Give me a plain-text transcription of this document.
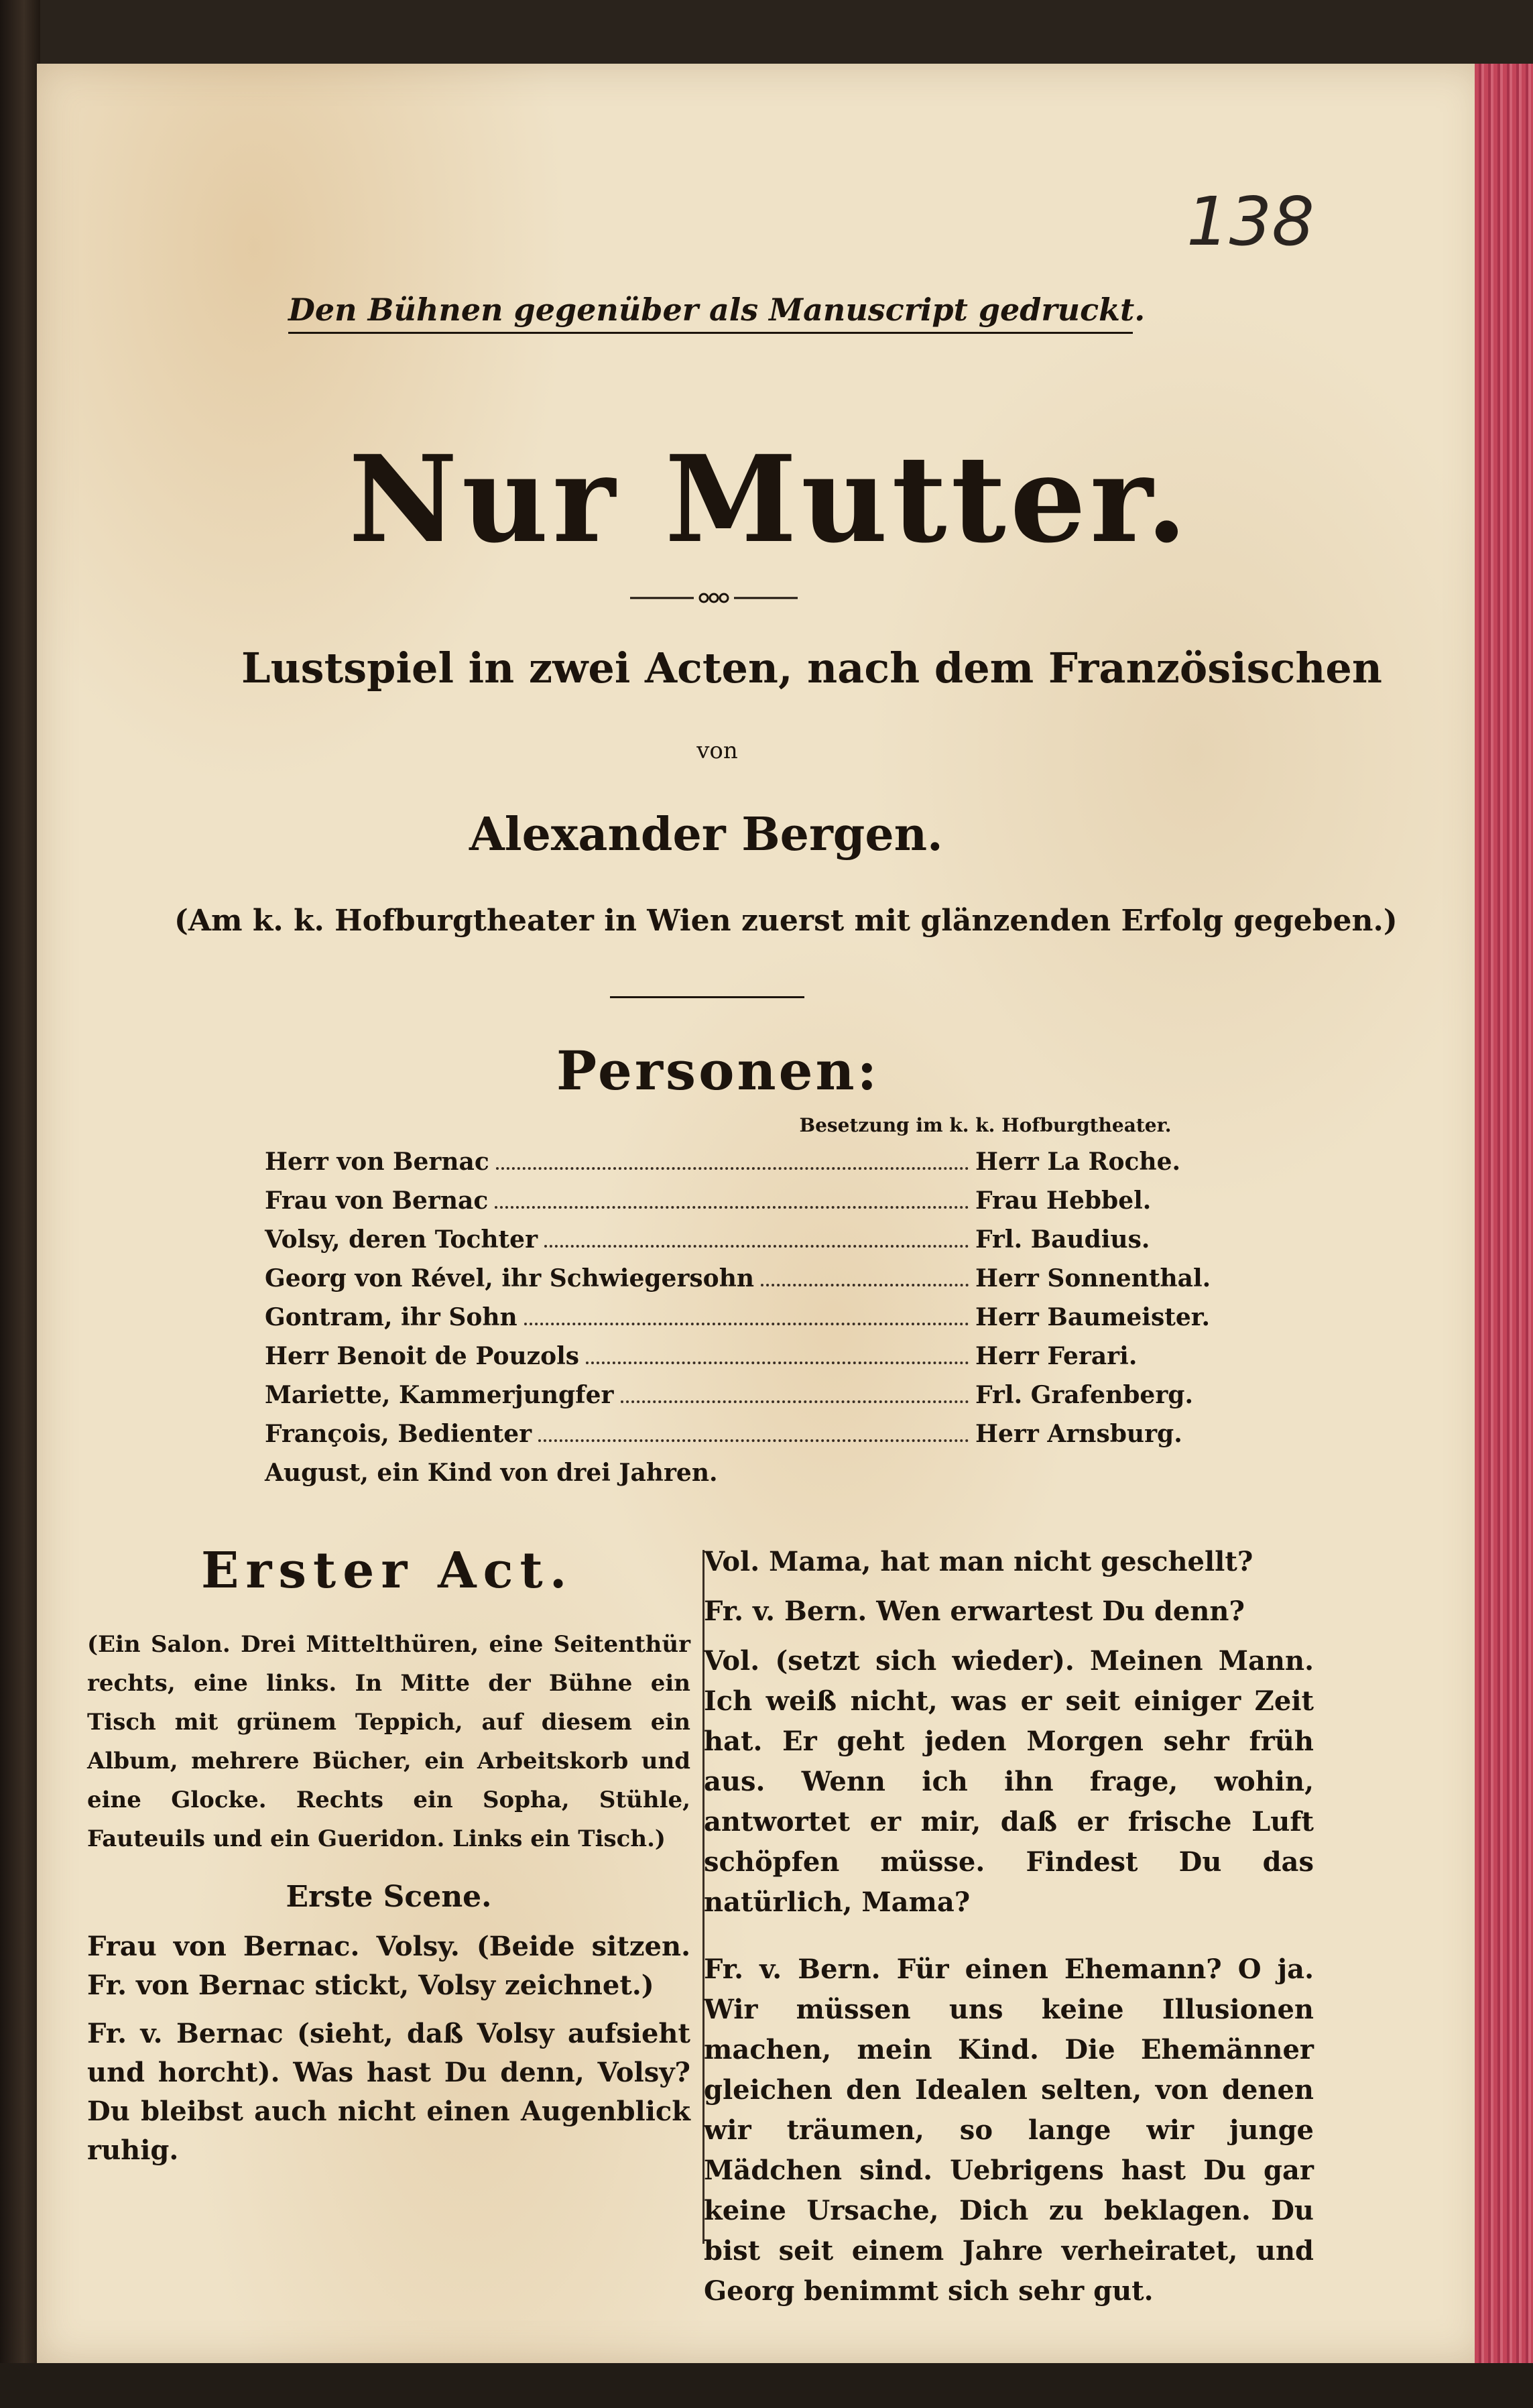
138

Den Bühnen gegenüber als Manuscript gedruckt.

Nur Mutter.

Lustspiel in zwei Acten, nach dem Französischen

von

Alexander Bergen.

(Am k. k. Hofburgtheater in Wien zuerst mit glänzenden Erfolg gegeben.)

Personen:

Besetzung im k. k. Hofburgtheater.

Herr von Bernac	Herr La Roche.
Frau von Bernac	Frau Hebbel.
Volsy, deren Tochter	Frl. Baudius.
Georg von Rével, ihr Schwiegersohn	Herr Sonnenthal.
Gontram, ihr Sohn	Herr Baumeister.
Herr Benoit de Pouzols	Herr Ferari.
Mariette, Kammerjungfer	Frl. Grafenberg.
François, Bedienter	Herr Arnsburg.
August, ein Kind von drei Jahren.

Erster Act.

(Ein Salon. Drei Mittelthüren, eine Seitenthür rechts, eine links. In Mitte der Bühne ein Tisch mit grünem Teppich, auf diesem ein Album, mehrere Bücher, ein Arbeitskorb und eine Glocke. Rechts ein Sopha, Stühle, Fauteuils und ein Gueridon. Links ein Tisch.)

Erste Scene.

Frau von Bernac. Volsy. (Beide sitzen. Fr. von Bernac stickt, Volsy zeichnet.)

Fr. v. Bernac (sieht, daß Volsy aufsieht und horcht). Was hast Du denn, Volsy? Du bleibst auch nicht einen Augenblick ruhig.

Vol. Mama, hat man nicht geschellt?

Fr. v. Bern. Wen erwartest Du denn?

Vol. (setzt sich wieder). Meinen Mann. Ich weiß nicht, was er seit einiger Zeit hat. Er geht jeden Morgen sehr früh aus. Wenn ich ihn frage, wohin, antwortet er mir, daß er frische Luft schöpfen müsse. Findest Du das natürlich, Mama?

Fr. v. Bern. Für einen Ehemann? O ja. Wir müssen uns keine Illusionen machen, mein Kind. Die Ehemänner gleichen den Idealen selten, von denen wir träumen, so lange wir junge Mädchen sind. Uebrigens hast Du gar keine Ursache, Dich zu beklagen. Du bist seit einem Jahre verheiratet, und Georg benimmt sich sehr gut.
